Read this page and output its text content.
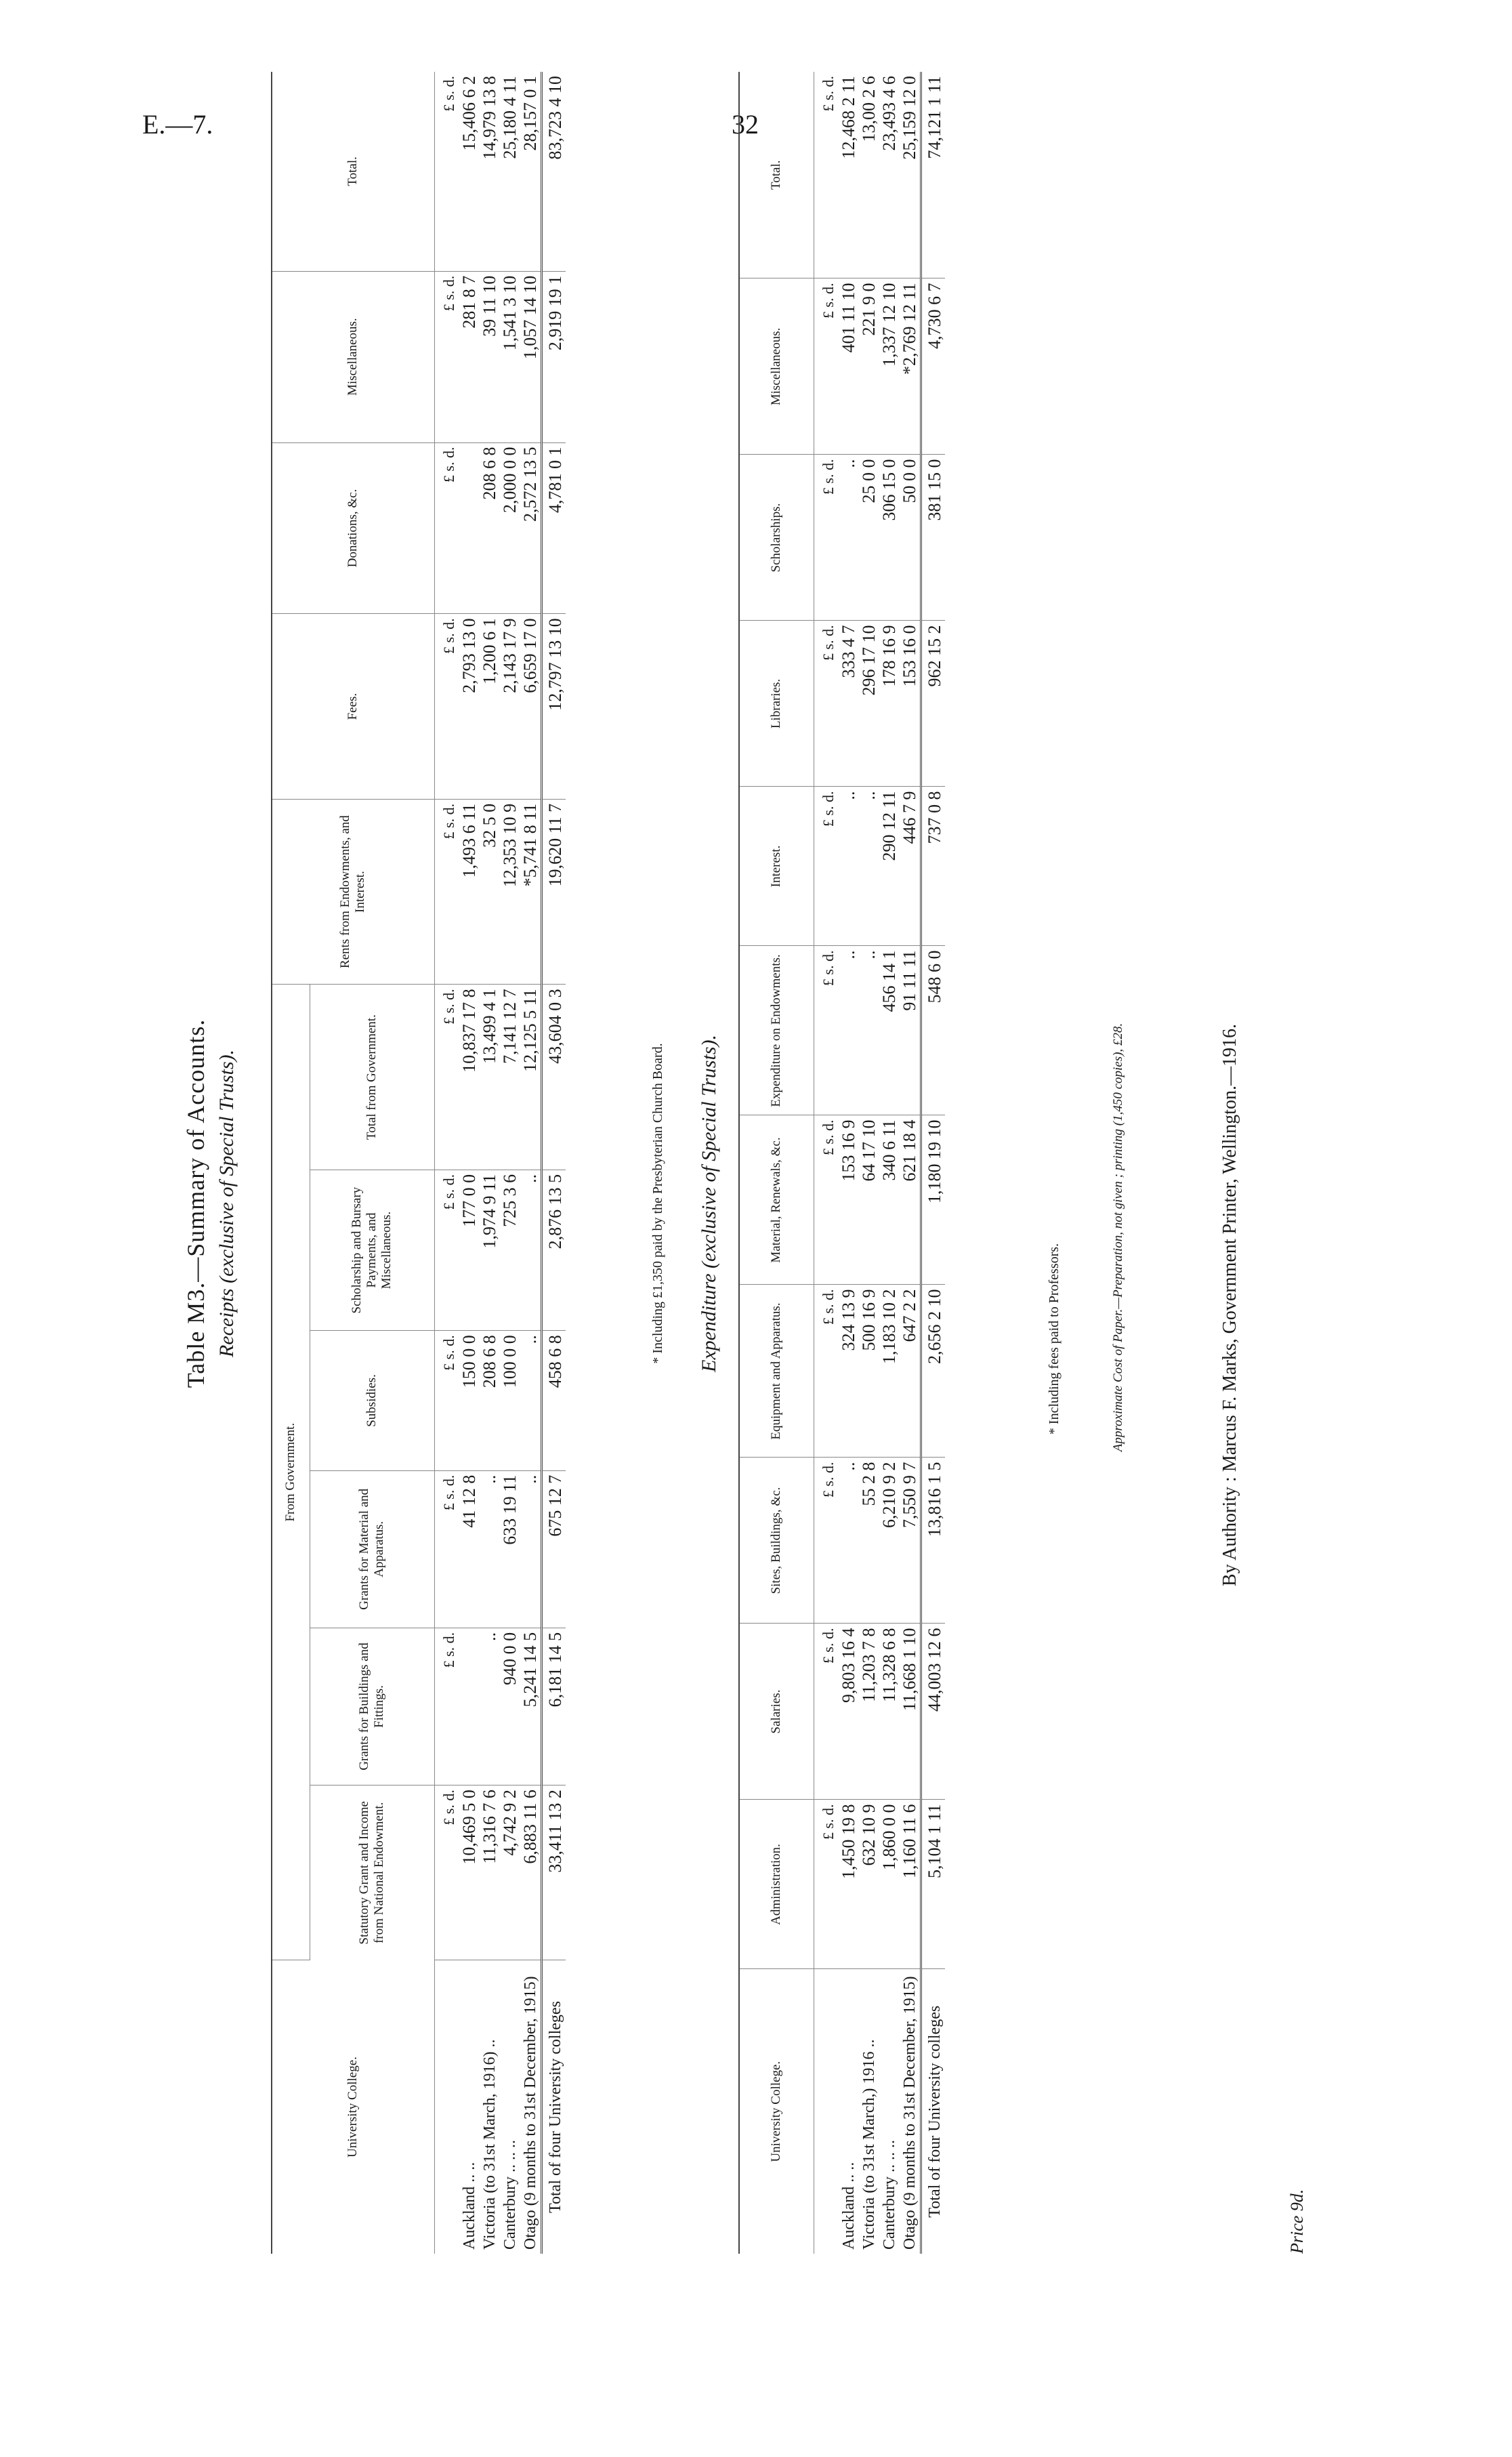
E.—7.	32
Table M3.—Summary of Accounts. Receipts (exclusive of Special Trusts).
University College.	From Government.						Rents from Endowments, and Interest.	Fees.	Donations, &c.	Miscellaneous.	Total.
	Statutory Grant and Income from National Endowment.	Grants for Buildings and Fittings.	Grants for Material and Apparatus.	Subsidies.	Scholarship and Bursary Payments, and Miscellaneous.	Total from Government.					
	£ s. d.	£ s. d.	£ s. d.	£ s. d.	£ s. d.	£ s. d.	£ s. d.	£ s. d.	£ s. d.	£ s. d.	£ s. d.
Auckland .. ..	10,469 5 0		41 12 8	150 0 0	177 0 0	10,837 17 8	1,493 6 11	2,793 13 0		281 8 7	15,406 6 2
Victoria (to 31st March, 1916) ..	11,316 7 6	..	..	208 6 8	1,974 9 11	13,499 4 1	32 5 0	1,200 6 1	208 6 8	39 11 10	14,979 13 8
Canterbury .. .. ..	4,742 9 2	940 0 0	633 19 11	100 0 0	725 3 6	7,141 12 7	12,353 10 9	2,143 17 9	2,000 0 0	1,541 3 10	25,180 4 11
Otago (9 months to 31st December, 1915)	6,883 11 6	5,241 14 5	..	..	..	12,125 5 11	*5,741 8 11	6,659 17 0	2,572 13 5	1,057 14 10	28,157 0 1
Total of four University colleges	33,411 13 2	6,181 14 5	675 12 7	458 6 8	2,876 13 5	43,604 0 3	19,620 11 7	12,797 13 10	4,781 0 1	2,919 19 1	83,723 4 10
* Including £1,350 paid by the Presbyterian Church Board. Expenditure (exclusive of Special Trusts).
University College.	Administration.	Salaries.	Sites, Buildings, &c.	Equipment and Apparatus.	Material, Renewals, &c.	Expenditure on Endowments.	Interest.	Libraries.	Scholarships.	Miscellaneous.	Total.
	£ s. d.	£ s. d.	£ s. d.	£ s. d.	£ s. d.	£ s. d.	£ s. d.	£ s. d.	£ s. d.	£ s. d.	£ s. d.
Auckland .. ..	1,450 19 8	9,803 16 4	..	324 13 9	153 16 9	..	..	333 4 7	..	401 11 10	12,468 2 11
Victoria (to 31st March,) 1916 ..	632 10 9	11,203 7 8	55 2 8	500 16 9	64 17 10	..	..	296 17 10	25 0 0	221 9 0	13,00 2 6
Canterbury .. .. ..	1,860 0 0	11,328 6 8	6,210 9 2	1,183 10 2	340 6 11	456 14 1	290 12 11	178 16 9	306 15 0	1,337 12 10	23,493 4 6
Otago (9 months to 31st December, 1915)	1,160 11 6	11,668 1 10	7,550 9 7	647 2 2	621 18 4	91 11 11	446 7 9	153 16 0	50 0 0	*2,769 12 11	25,159 12 0
Total of four University colleges	5,104 1 11	44,003 12 6	13,816 1 5	2,656 2 10	1,180 19 10	548 6 0	737 0 8	962 15 2	381 15 0	4,730 6 7	74,121 1 11
* Including fees paid to Professors.	Approximate Cost of Paper.—Preparation, not given ; printing (1,450 copies), £28.	By Authority : Marcus F. Marks, Government Printer, Wellington.—1916.
Price 9d.
